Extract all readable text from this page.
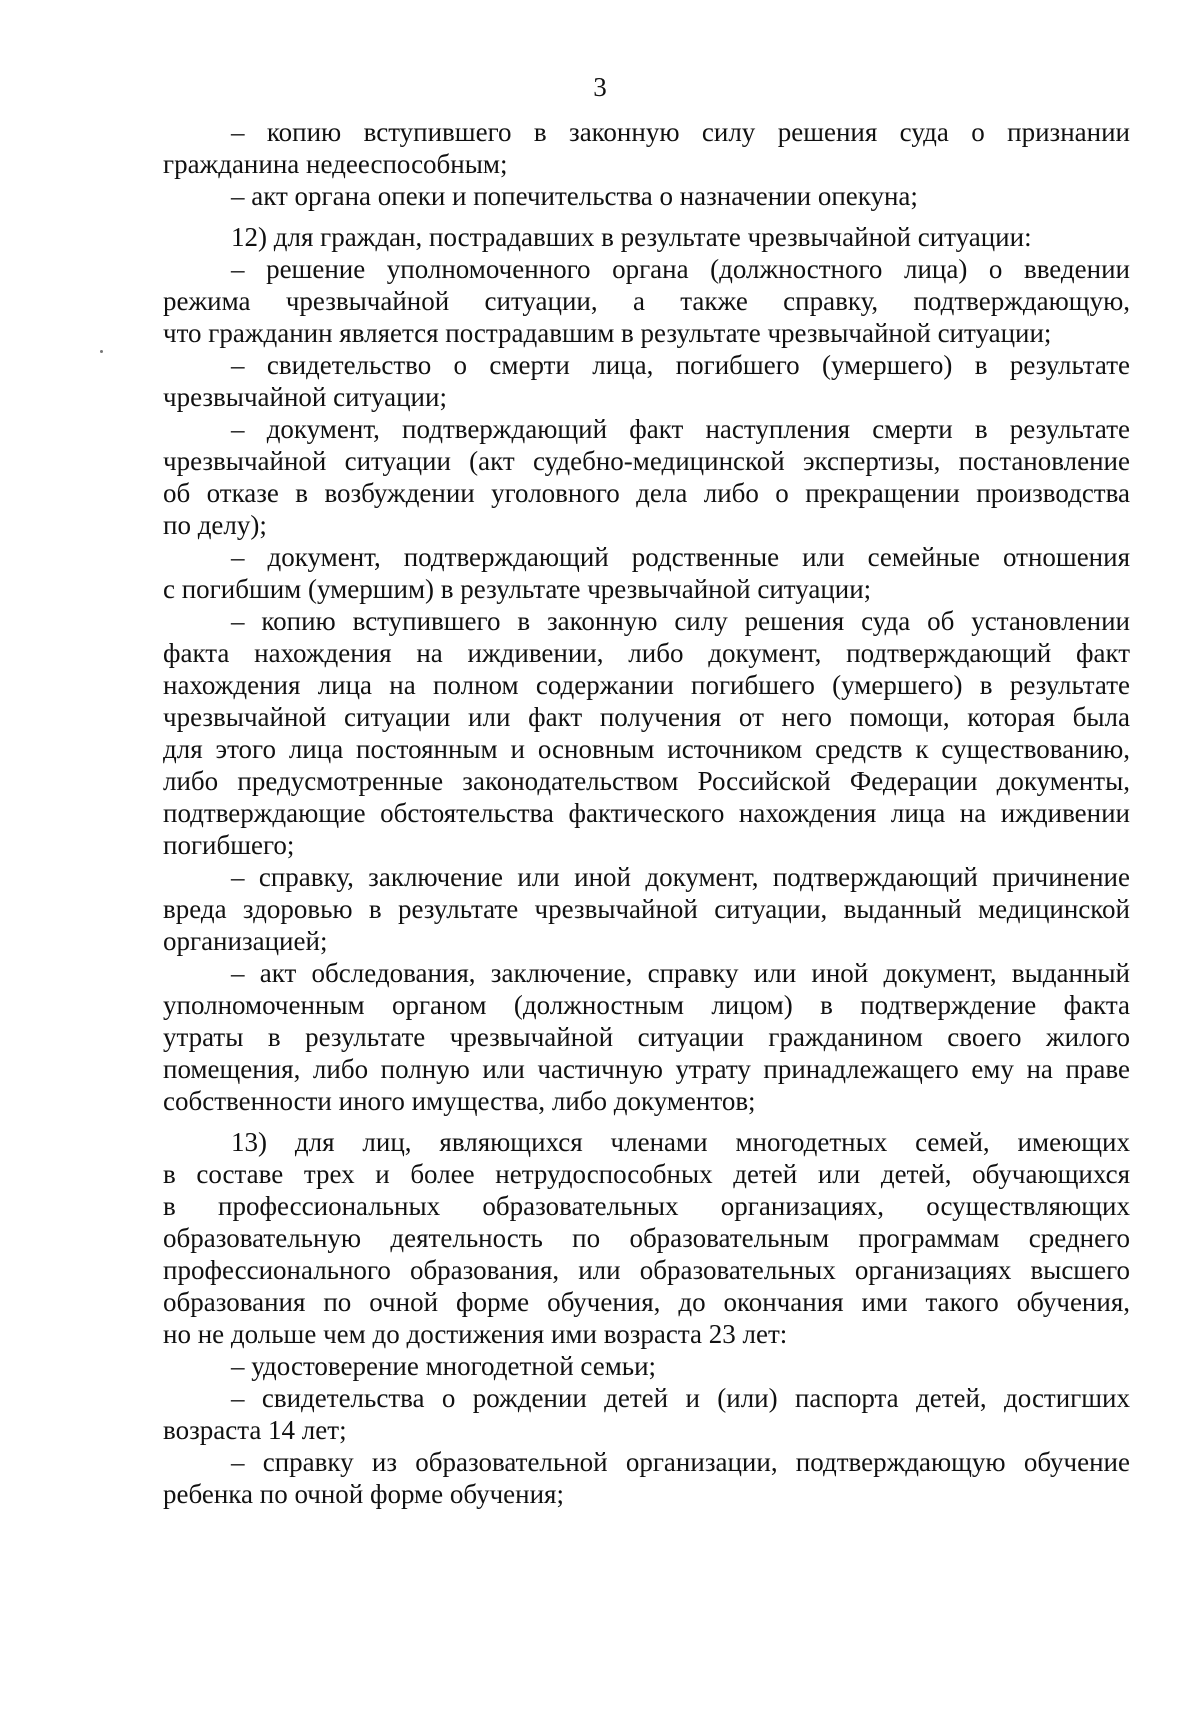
3
– копию вступившего в законную силу решения суда о признании
гражданина недееспособным;
– акт органа опеки и попечительства о назначении опекуна;
12) для граждан, пострадавших в результате чрезвычайной ситуации:
– решение уполномоченного органа (должностного лица) о введении
режима чрезвычайной ситуации, а также справку, подтверждающую,
что гражданин является пострадавшим в результате чрезвычайной ситуации;
– свидетельство о смерти лица, погибшего (умершего) в результате
чрезвычайной ситуации;
– документ, подтверждающий факт наступления смерти в результате
чрезвычайной ситуации (акт судебно-медицинской экспертизы, постановление
об отказе в возбуждении уголовного дела либо о прекращении производства
по делу);
– документ, подтверждающий родственные или семейные отношения
с погибшим (умершим) в результате чрезвычайной ситуации;
– копию вступившего в законную силу решения суда об установлении
факта нахождения на иждивении, либо документ, подтверждающий факт
нахождения лица на полном содержании погибшего (умершего) в результате
чрезвычайной ситуации или факт получения от него помощи, которая была
для этого лица постоянным и основным источником средств к существованию,
либо предусмотренные законодательством Российской Федерации документы,
подтверждающие обстоятельства фактического нахождения лица на иждивении
погибшего;
– справку, заключение или иной документ, подтверждающий причинение
вреда здоровью в результате чрезвычайной ситуации, выданный медицинской
организацией;
– акт обследования, заключение, справку или иной документ, выданный
уполномоченным органом (должностным лицом) в подтверждение факта
утраты в результате чрезвычайной ситуации гражданином своего жилого
помещения, либо полную или частичную утрату принадлежащего ему на праве
собственности иного имущества, либо документов;
13) для лиц, являющихся членами многодетных семей, имеющих
в составе трех и более нетрудоспособных детей или детей, обучающихся
в профессиональных образовательных организациях, осуществляющих
образовательную деятельность по образовательным программам среднего
профессионального образования, или образовательных организациях высшего
образования по очной форме обучения, до окончания ими такого обучения,
но не дольше чем до достижения ими возраста 23 лет:
– удостоверение многодетной семьи;
– свидетельства о рождении детей и (или) паспорта детей, достигших
возраста 14 лет;
– справку из образовательной организации, подтверждающую обучение
ребенка по очной форме обучения;
